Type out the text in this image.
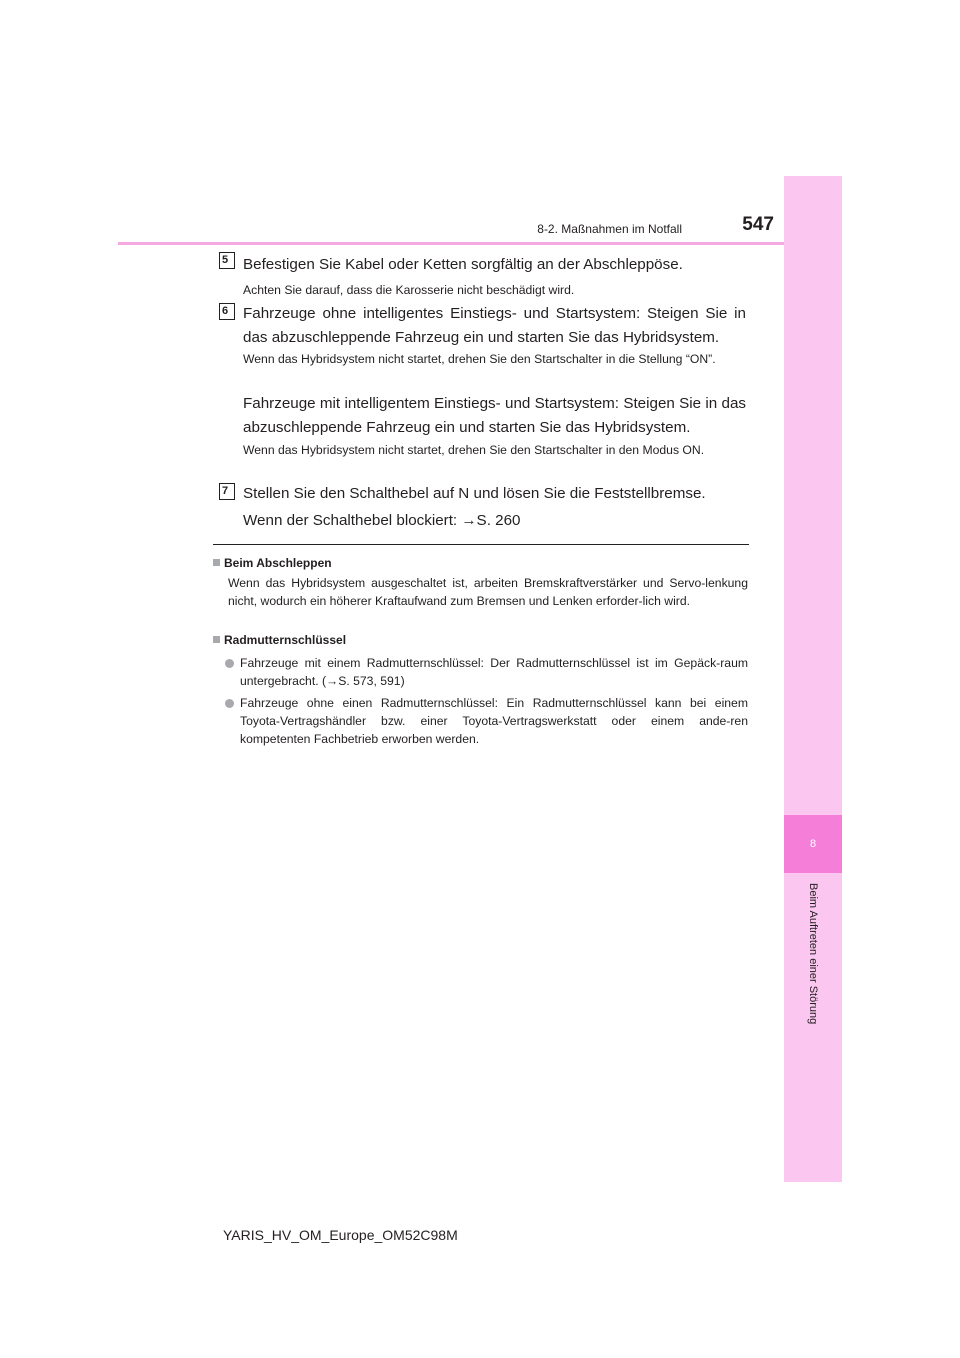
8
Beim Auftreten einer Störung
8-2. Maßnahmen im Notfall	547
5 Befestigen Sie Kabel oder Ketten sorgfältig an der Abschleppöse.

Achten Sie darauf, dass die Karosserie nicht beschädigt wird.

6 Fahrzeuge ohne intelligentes Einstiegs- und Startsystem: Steigen Sie in das abzuschleppende Fahrzeug ein und starten Sie das Hybridsystem.

Wenn das Hybridsystem nicht startet, drehen Sie den Startschalter in die Stellung “ON”.

Fahrzeuge mit intelligentem Einstiegs- und Startsystem: Steigen Sie in das abzuschleppende Fahrzeug ein und starten Sie das Hybridsystem.

Wenn das Hybridsystem nicht startet, drehen Sie den Startschalter in den Modus ON.

7 Stellen Sie den Schalthebel auf N und lösen Sie die Feststellbremse.

Wenn der Schalthebel blockiert: →S. 260

Beim Abschleppen

Wenn das Hybridsystem ausgeschaltet ist, arbeiten Bremskraftverstärker und Servo-lenkung nicht, wodurch ein höherer Kraftaufwand zum Bremsen und Lenken erforder-lich wird.

Radmutternschlüssel

Fahrzeuge mit einem Radmutternschlüssel: Der Radmutternschlüssel ist im Gepäck-raum untergebracht. (→S. 573, 591)

Fahrzeuge ohne einen Radmutternschlüssel: Ein Radmutternschlüssel kann bei einem Toyota-Vertragshändler bzw. einer Toyota-Vertragswerkstatt oder einem ande-ren kompetenten Fachbetrieb erworben werden.

YARIS_HV_OM_Europe_OM52C98M
